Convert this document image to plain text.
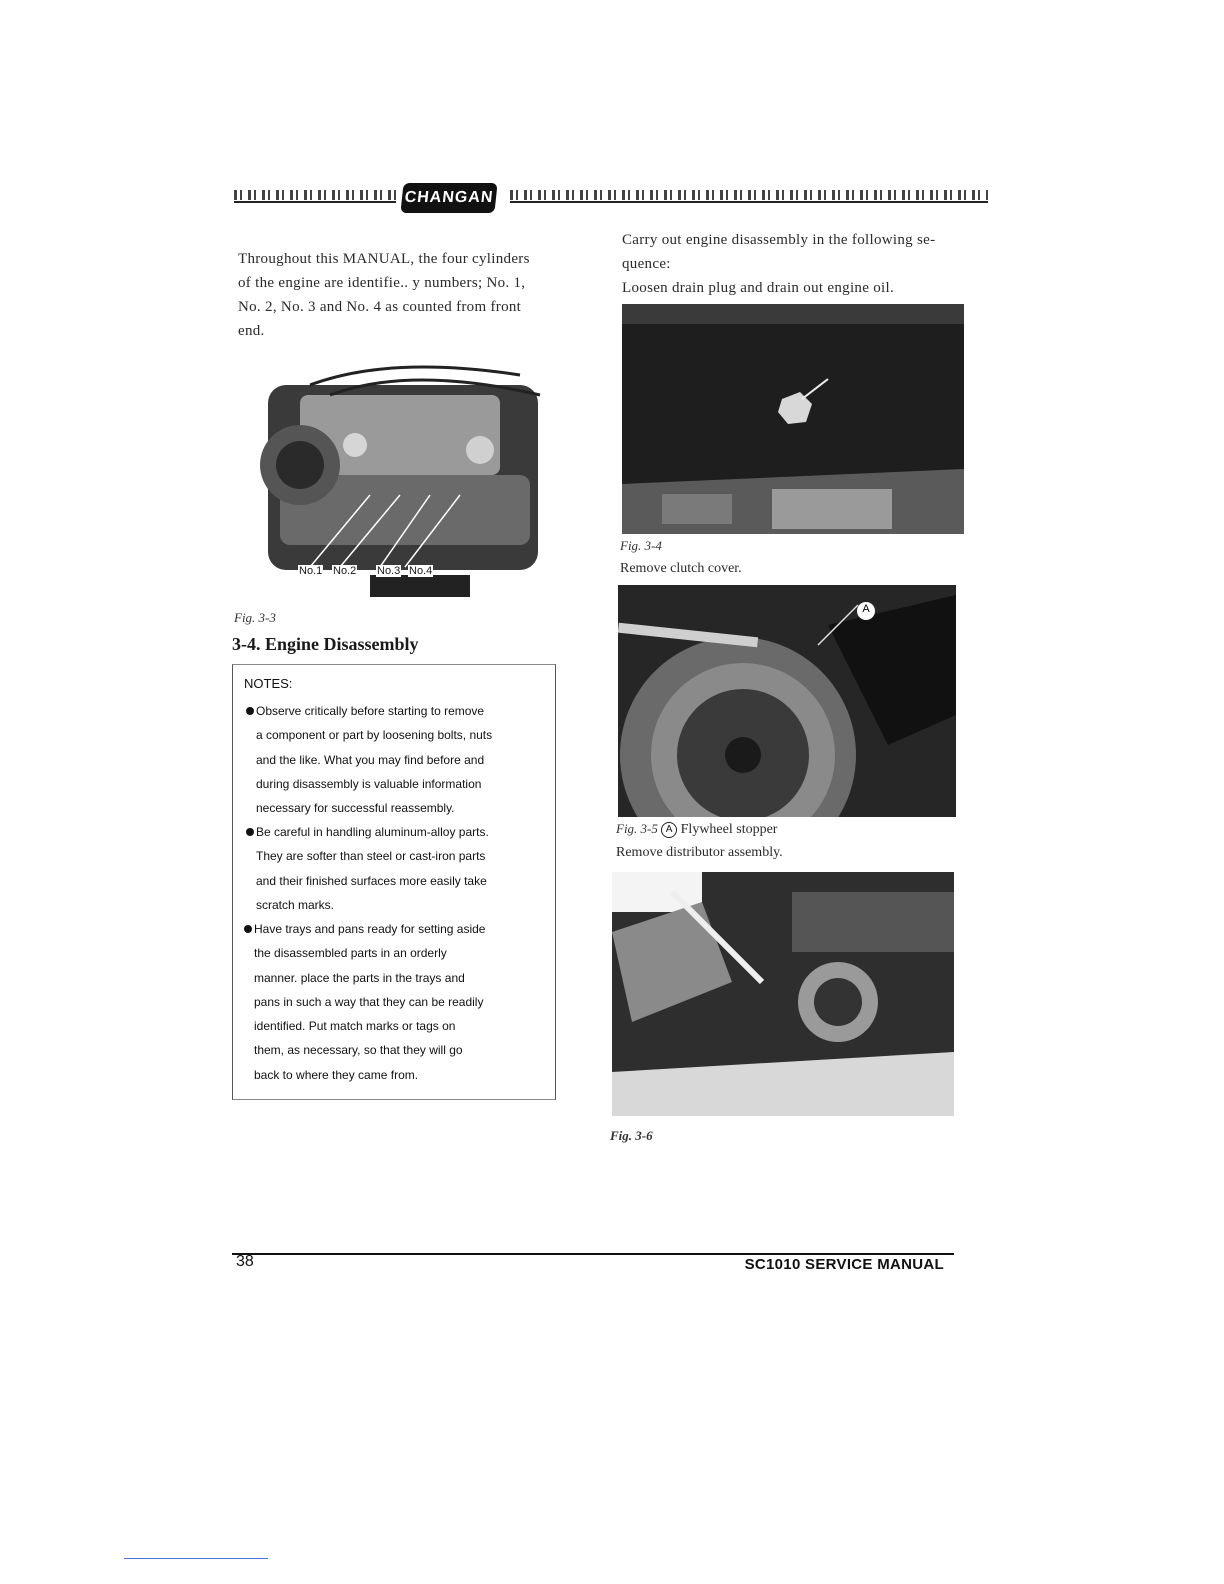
CHANGAN
Throughout this MANUAL, the four cylinders
of the engine are identifie.. y numbers; No. 1,
No. 2, No. 3 and No. 4 as counted from front
end.
No.1 No.2 No.3 No.4
Fig. 3-3
3-4. Engine Disassembly
NOTES:
Observe critically before starting to remove
a component or part by loosening bolts, nuts
and the like. What you may find before and
during disassembly is valuable information
necessary for successful reassembly.
Be careful in handling aluminum-alloy parts.
They are softer than steel or cast-iron parts
and their finished surfaces more easily take
scratch marks.
Have trays and pans ready for setting aside
the disassembled parts in an orderly
manner. place the parts in the trays and
pans in such a way that they can be readily
identified. Put match marks or tags on
them, as necessary, so that they will go
back to where they came from.
Carry out engine disassembly in the following se-
quence:
Loosen drain plug and drain out engine oil.
Fig. 3-4
Remove clutch cover.
A
Fig. 3-5 A Flywheel stopper
Remove distributor assembly.
Fig. 3-6
38	SC1010 SERVICE MANUAL
